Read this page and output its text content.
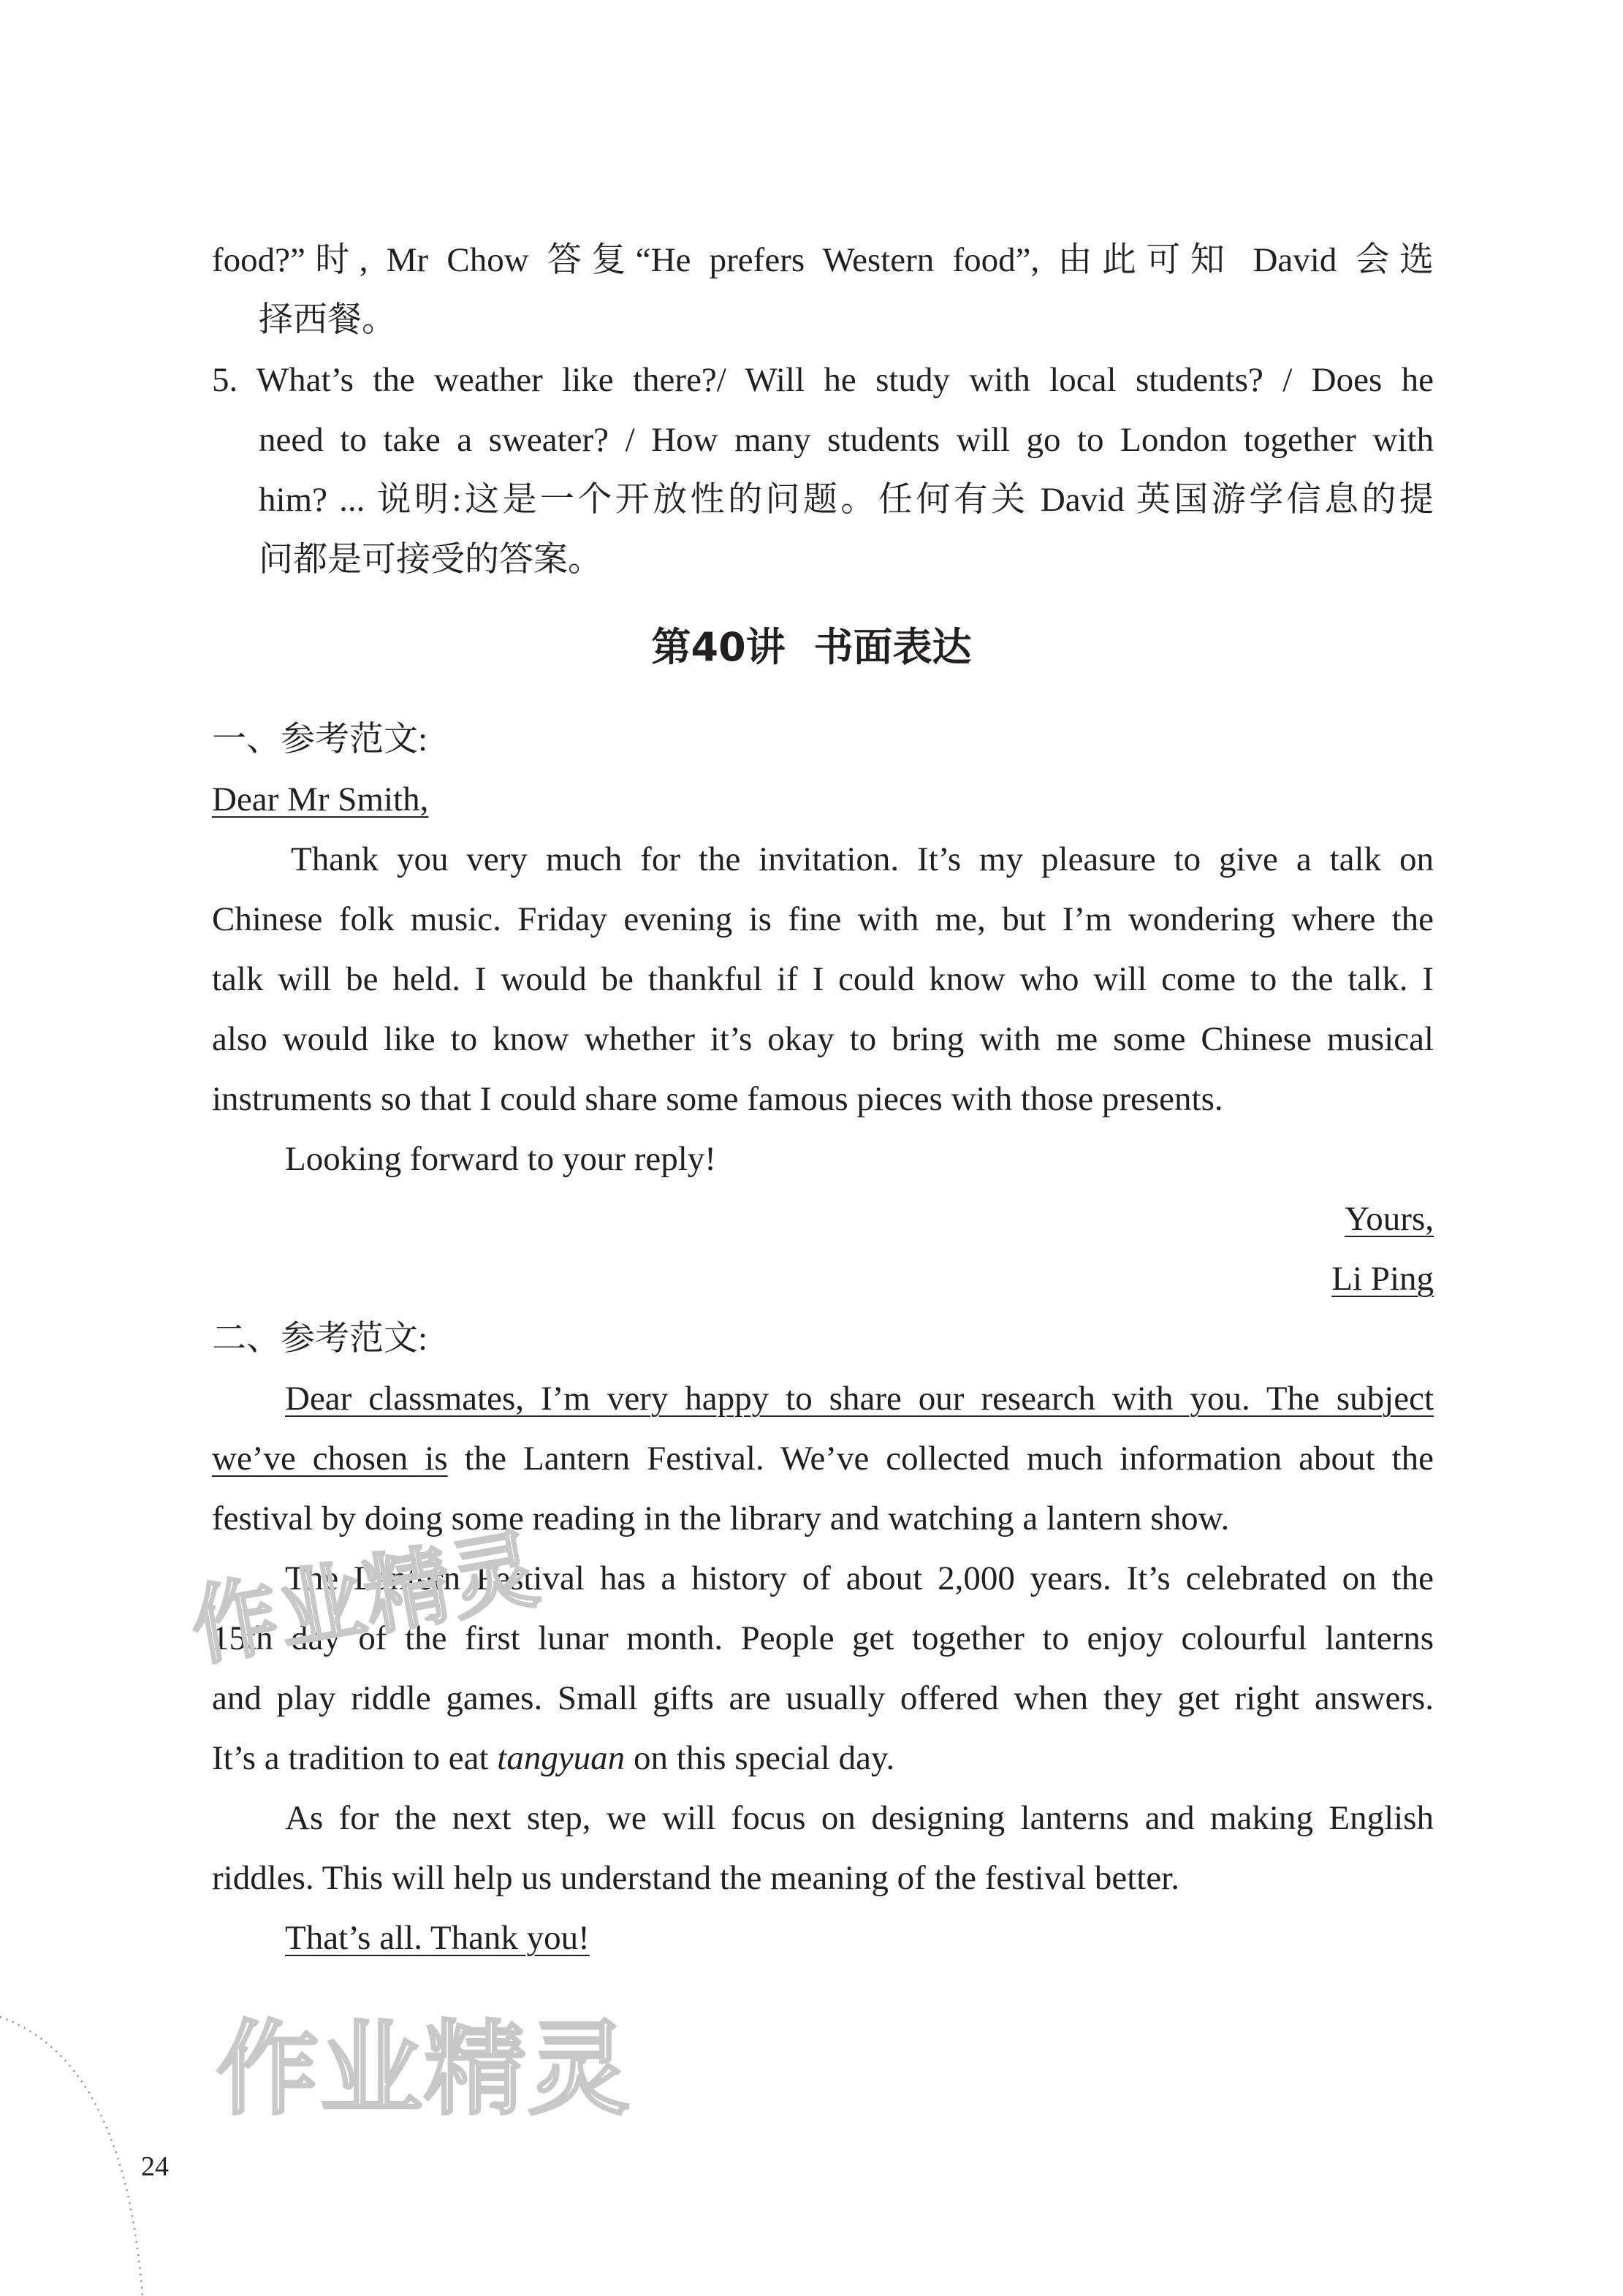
food?”时, Mr Chow 答复“He prefers Western food”, 由此可知 David 会选
择西餐。
5. What’s the weather like there?/ Will he study with local students? / Does he
need to take a sweater? / How many students will go to London together with
him? ... 说明:这是一个开放性的问题。任何有关 David 英国游学信息的提
问都是可接受的答案。
第40讲 书面表达
一、参考范文:
Dear Mr Smith,
Thank you very much for the invitation. It’s my pleasure to give a talk on
Chinese folk music. Friday evening is fine with me, but I’m wondering where the
talk will be held. I would be thankful if I could know who will come to the talk. I
also would like to know whether it’s okay to bring with me some Chinese musical
instruments so that I could share some famous pieces with those presents.
Looking forward to your reply!
Yours,
Li Ping
二、参考范文:
Dear classmates, I’m very happy to share our research with you. The subject
we’ve chosen is the Lantern Festival. We’ve collected much information about the
festival by doing some reading in the library and watching a lantern show.
The Lantern Festival has a history of about 2,000 years. It’s celebrated on the
15th day of the first lunar month. People get together to enjoy colourful lanterns
and play riddle games. Small gifts are usually offered when they get right answers.
It’s a tradition to eat tangyuan on this special day.
As for the next step, we will focus on designing lanterns and making English
riddles. This will help us understand the meaning of the festival better.
That’s all. Thank you!
作业精灵
作业精灵
24
